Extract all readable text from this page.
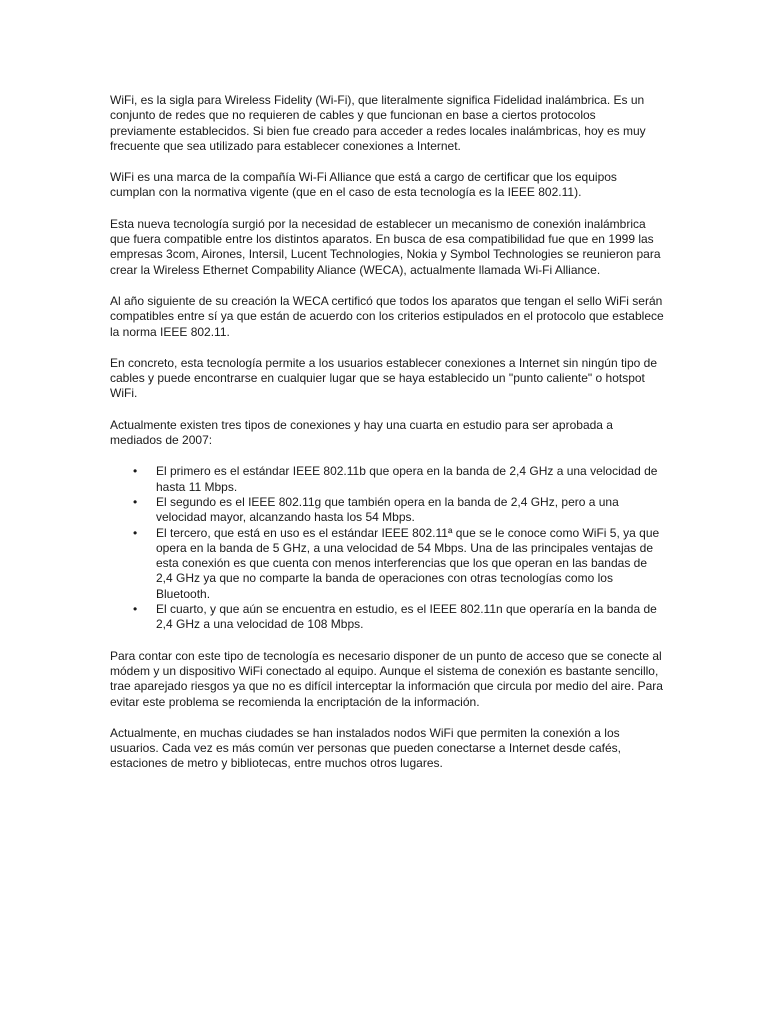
WiFi, es la sigla para Wireless Fidelity (Wi-Fi), que literalmente significa Fidelidad inalámbrica. Es un conjunto de redes que no requieren de cables y que funcionan en base a ciertos protocolos previamente establecidos. Si bien fue creado para acceder a redes locales inalámbricas, hoy es muy frecuente que sea utilizado para establecer conexiones a Internet.

WiFi es una marca de la compañía Wi-Fi Alliance que está a cargo de certificar que los equipos cumplan con la normativa vigente (que en el caso de esta tecnología es la IEEE 802.11).

Esta nueva tecnología surgió por la necesidad de establecer un mecanismo de conexión inalámbrica que fuera compatible entre los distintos aparatos. En busca de esa compatibilidad fue que en 1999 las empresas 3com, Airones, Intersil, Lucent Technologies, Nokia y Symbol Technologies se reunieron para crear la Wireless Ethernet Compability Aliance (WECA), actualmente llamada Wi-Fi Alliance.

Al año siguiente de su creación la WECA certificó que todos los aparatos que tengan el sello WiFi serán compatibles entre sí ya que están de acuerdo con los criterios estipulados en el protocolo que establece la norma IEEE 802.11.

En concreto, esta tecnología permite a los usuarios establecer conexiones a Internet sin ningún tipo de cables y puede encontrarse en cualquier lugar que se haya establecido un "punto caliente" o hotspot WiFi.

Actualmente existen tres tipos de conexiones y hay una cuarta en estudio para ser aprobada a mediados de 2007:

• El primero es el estándar IEEE 802.11b que opera en la banda de 2,4 GHz a una velocidad de hasta 11 Mbps.
• El segundo es el IEEE 802.11g que también opera en la banda de 2,4 GHz, pero a una velocidad mayor, alcanzando hasta los 54 Mbps.
• El tercero, que está en uso es el estándar IEEE 802.11ª que se le conoce como WiFi 5, ya que opera en la banda de 5 GHz, a una velocidad de 54 Mbps. Una de las principales ventajas de esta conexión es que cuenta con menos interferencias que los que operan en las bandas de 2,4 GHz ya que no comparte la banda de operaciones con otras tecnologías como los Bluetooth.
• El cuarto, y que aún se encuentra en estudio, es el IEEE 802.11n que operaría en la banda de 2,4 GHz a una velocidad de 108 Mbps.

Para contar con este tipo de tecnología es necesario disponer de un punto de acceso que se conecte al módem y un dispositivo WiFi conectado al equipo. Aunque el sistema de conexión es bastante sencillo, trae aparejado riesgos ya que no es difícil interceptar la información que circula por medio del aire. Para evitar este problema se recomienda la encriptación de la información.

Actualmente, en muchas ciudades se han instalados nodos WiFi que permiten la conexión a los usuarios. Cada vez es más común ver personas que pueden conectarse a Internet desde cafés, estaciones de metro y bibliotecas, entre muchos otros lugares.
